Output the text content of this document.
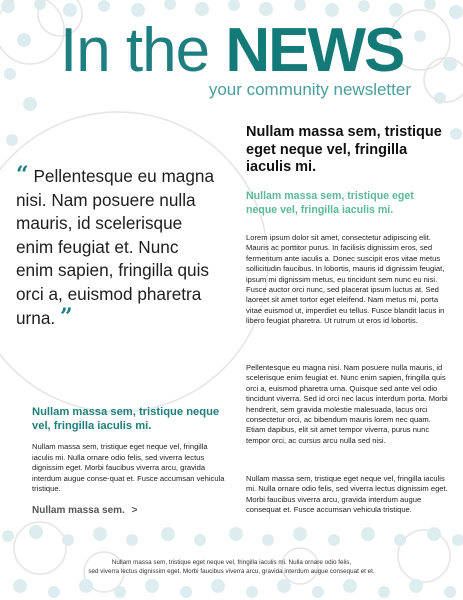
In the NEWS
your community newsletter
“ Pellentesque eu magna nisi. Nam posuere nulla mauris, id scelerisque enim feugiat et. Nunc enim sapien, fringilla quis orci a, euismod pharetra urna. ”
Nullam massa sem, tristique neque vel, fringilla iaculis mi.
Nullam massa sem, tristique eget neque vel, fringilla iaculis mi. Nulla ornare odio felis, sed viverra lectus dignissim eget. Morbi faucibus viverra arcu, gravida interdum augue conse-quat et. Fusce accumsan vehicula tristique.
Nullam massa sem. >
Nullam massa sem, tristique eget neque vel, fringilla iaculis mi.
Nullam massa sem, tristique eget neque vel, fringilla iaculis mi.
Lorem ipsum dolor sit amet, consectetur adipiscing elit. Mauris ac porttitor purus. In facilisis dignissim eros, sed fermentum ante iaculis a. Donec suscipit eros vitae metus sollicitudin faucibus. In lobortis, mauris id dignissim feugiat, ipsum mi dignissim metus, eu tincidunt sem nunc eu nisi. Fusce auctor orci nunc, sed placerat ipsum luctus at. Sed laoreet sit amet tortor eget eleifend. Nam metus mi, porta vitae euismod ut, imperdiet eu tellus. Fusce blandit lacus in libero feugiat pharetra. Ut rutrum ut eros id lobortis.
Pellentesque eu magna nisi. Nam posuere nulla mauris, id scelerisque enim feugiat et. Nunc enim sapien, fringilla quis orci a, euismod pharetra urna. Quisque sed ante vel odio tincidunt viverra. Sed id orci nec lacus interdum porta. Morbi hendrerit, sem gravida molestie malesuada, lacus orci consectetur orci, ac bibendum mauris lorem nec quam. Etiam dapibus, elit sit amet tempor viverra, purus nunc tempor orci, ac cursus arcu nulla sed nisi.
Nullam massa sem, tristique eget neque vel, fringilla iaculis mi. Nulla ornare odio felis, sed viverra lectus dignissim eget. Morbi faucibus viverra arcu, gravida interdum augue consequat et. Fusce accumsan vehicula tristique.
Nullam massa sem, tristique eget neque vel, fringilla iaculis mi. Nulla ornare odio felis,
sed viverra lectus dignissim eget. Morbi faucibus viverra arcu, gravida interdum augue consequat et et.
